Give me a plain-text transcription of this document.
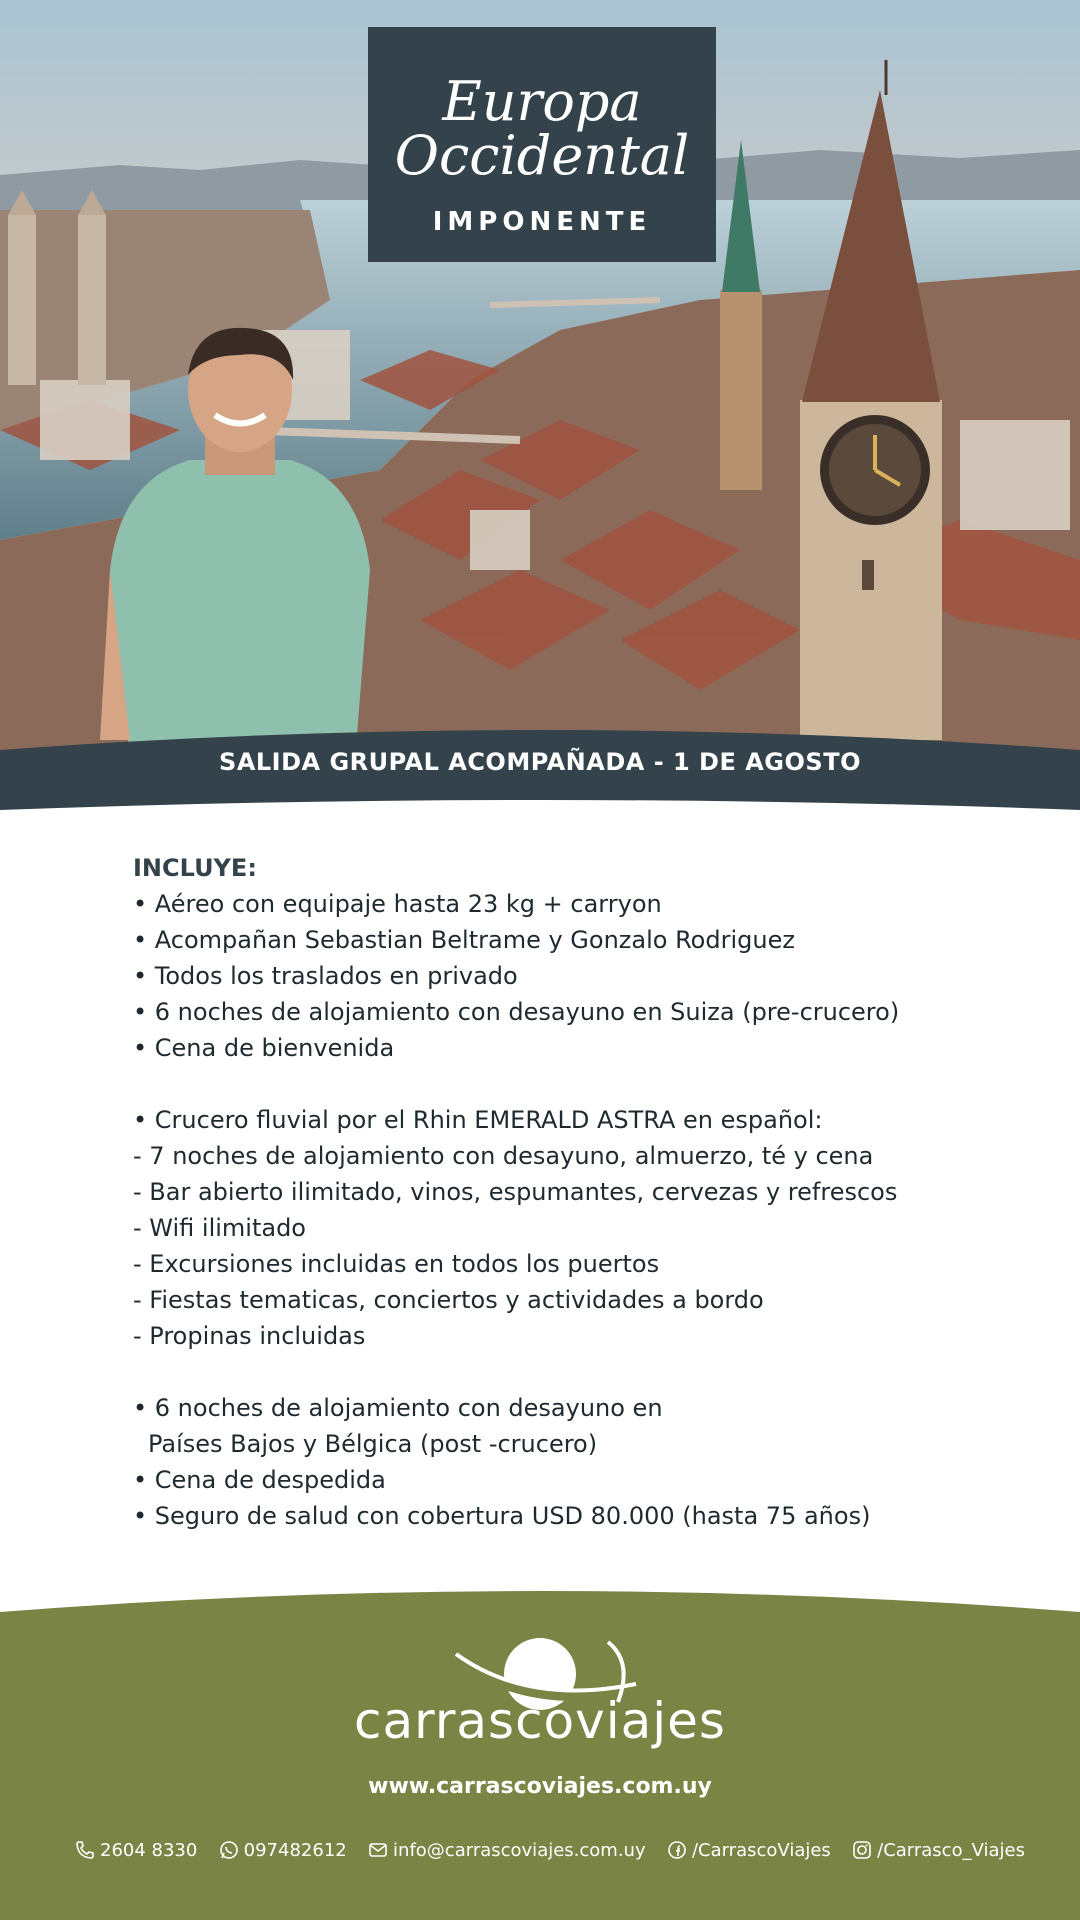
Europa
Occidental
IMPONENTE
SALIDA GRUPAL ACOMPAÑADA - 1 DE AGOSTO
INCLUYE:
• Aéreo con equipaje hasta 23 kg + carryon
• Acompañan Sebastian Beltrame y Gonzalo Rodriguez
• Todos los traslados en privado
• 6 noches de alojamiento con desayuno en Suiza (pre-crucero)
• Cena de bienvenida
• Crucero fluvial por el Rhin EMERALD ASTRA en español:
- 7 noches de alojamiento con desayuno, almuerzo, té y cena
- Bar abierto ilimitado, vinos, espumantes, cervezas y refrescos
- Wifi ilimitado
- Excursiones incluidas en todos los puertos
- Fiestas tematicas, conciertos y actividades a bordo
- Propinas incluidas
• 6 noches de alojamiento con desayuno en
Países Bajos y Bélgica (post -crucero)
• Cena de despedida
• Seguro de salud con cobertura USD 80.000 (hasta 75 años)
carrascoviajes
www.carrascoviajes.com.uy
2604 8330	097482612	info@carrascoviajes.com.uy	/CarrascoViajes	/Carrasco_Viajes
